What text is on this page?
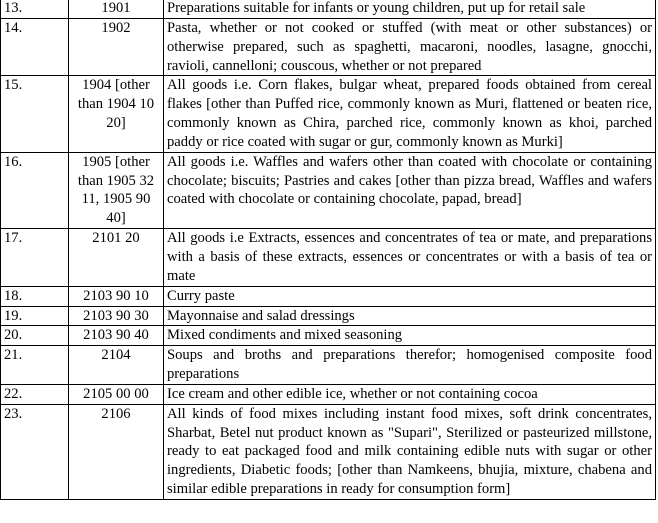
13.	1901	Preparations suitable for infants or young children, put up for retail sale
14.	1902	Pasta, whether or not cooked or stuffed (with meat or other substances) or otherwise prepared, such as spaghetti, macaroni, noodles, lasagne, gnocchi, ravioli, cannelloni; couscous, whether or not prepared
15.	1904 [other than 1904 10 20]	All goods i.e. Corn flakes, bulgar wheat, prepared foods obtained from cereal flakes [other than Puffed rice, commonly known as Muri, flattened or beaten rice, commonly known as Chira, parched rice, commonly known as khoi, parched paddy or rice coated with sugar or gur, commonly known as Murki]
16.	1905 [other than 1905 32 11, 1905 90 40]	All goods i.e. Waffles and wafers other than coated with chocolate or containing chocolate; biscuits; Pastries and cakes [other than pizza bread, Waffles and wafers coated with chocolate or containing chocolate, papad, bread]
17.	2101 20	All goods i.e Extracts, essences and concentrates of tea or mate, and preparations with a basis of these extracts, essences or concentrates or with a basis of tea or mate
18.	2103 90 10	Curry paste
19.	2103 90 30	Mayonnaise and salad dressings
20.	2103 90 40	Mixed condiments and mixed seasoning
21.	2104	Soups and broths and preparations therefor; homogenised composite food preparations
22.	2105 00 00	Ice cream and other edible ice, whether or not containing cocoa
23.	2106	All kinds of food mixes including instant food mixes, soft drink concentrates, Sharbat, Betel nut product known as "Supari", Sterilized or pasteurized millstone, ready to eat packaged food and milk containing edible nuts with sugar or other ingredients, Diabetic foods; [other than Namkeens, bhujia, mixture, chabena and similar edible preparations in ready for consumption form]
